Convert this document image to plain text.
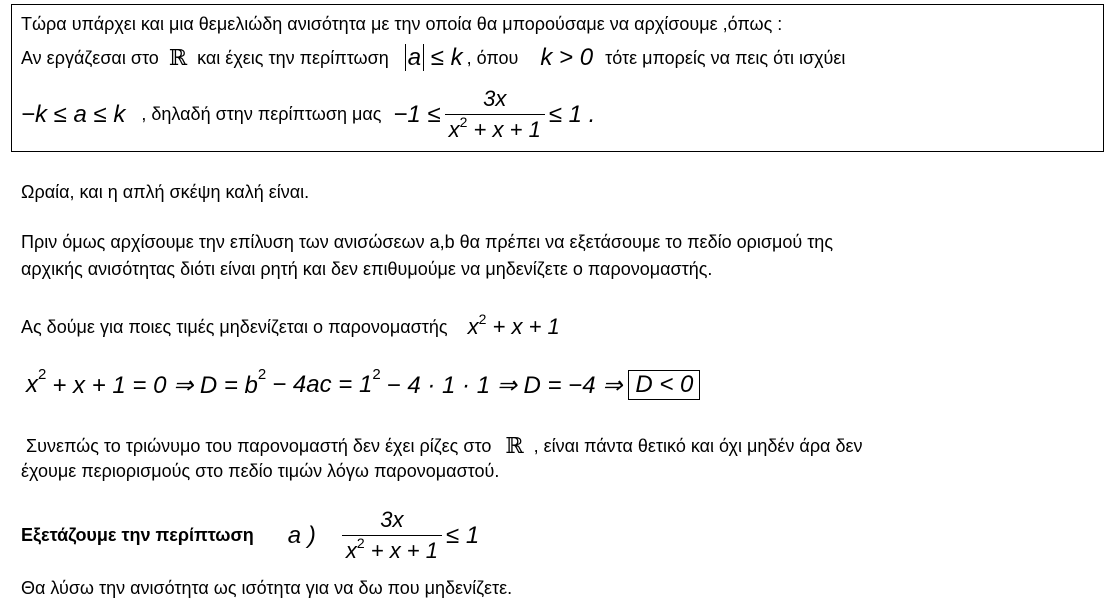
Τώρα υπάρχει και μια θεμελιώδη ανισότητα με την οποία θα μπορούσαμε να αρχίσουμε ,όπως :
Αν εργάζεσαι στο ℝ και έχεις την περίπτωση a ≤ k , όπου k > 0 τότε μπορείς να πεις ότι ισχύει
−k ≤ a ≤ k , δηλαδή στην περίπτωση $\mu\alpha\varsigma -1 \le \frac{3x}{x^2 + x + 1} \le 1$ .
Ωραία, και η απλή σκέψη καλή είναι.
Πριν όμως αρχίσουμε την επίλυση των ανισώσεων a,b θα πρέπει να εξετάσουμε το πεδίο ορισμού της
αρχικής ανισότητας διότι είναι ρητή και δεν επιθυμούμε να μηδενίζετε ο παρονομαστής.
Ας δούμε για ποιες τιμές μηδενίζεται ο παρονομαστής $x^2 + x + 1$
x 2 + x + 1 = 0 ⇒ D = b 2 − 4ac = 1 2 − 4 · 1 · 1 ⇒ D = −4 ⇒ D < 0
Συνεπώς το τριώνυμο του παρονομαστή δεν έχει ρίζες στο ℝ , είναι πάντα θετικό και όχι μηδέν άρα δεν
έχουμε περιορισμούς στο πεδίο τιμών λόγω παρονομαστού.
Εξετάζουμε την περίπτωση a ) $\frac{3x}{x^2 + x + 1} \le 1$
Θα λύσω την ανισότητα ως ισότητα για να δω που μηδενίζετε.
